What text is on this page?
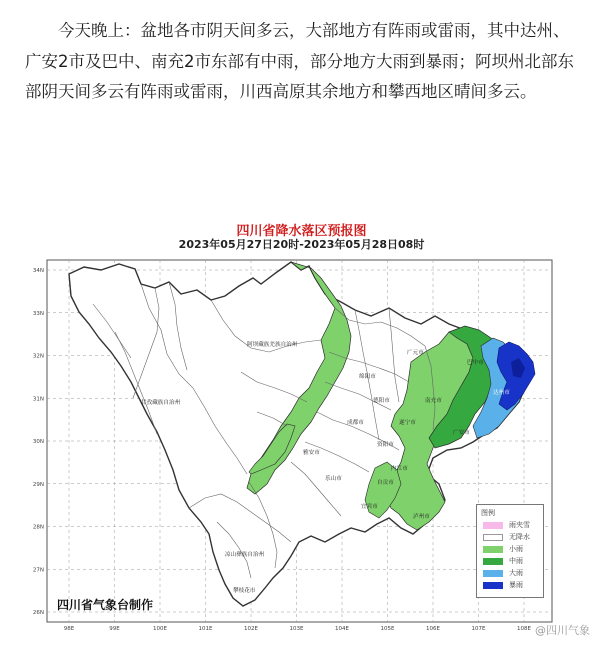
今天晚上：盆地各市阴天间多云，大部地方有阵雨或雷雨，其中达州、广安2市及巴中、南充2市东部有中雨，部分地方大雨到暴雨；阿坝州北部东部阴天间多云有阵雨或雷雨，川西高原其余地方和攀西地区晴间多云。

34N
33N
32N
31N
30N
29N
28N
27N
26N
98E	99E	100E	101E	102E	103E	104E	105E	106E	107E	108E
阿坝藏族羌族自治州
甘孜藏族自治州
凉山彝族自治州
广元市
巴中市
达州市
绵阳市
南充市
广安市
德阳市
遂宁市
成都市
资阳市
雅安市
内江市
自贡市
泸州市
宜宾市
乐山市
攀枝花市
四川省降水落区预报图
2023年05月27日20时-2023年05月28日08时
图例
雨夹雪
无降水
小雨
中雨
大雨
暴雨
四川省气象台制作
@四川气象
